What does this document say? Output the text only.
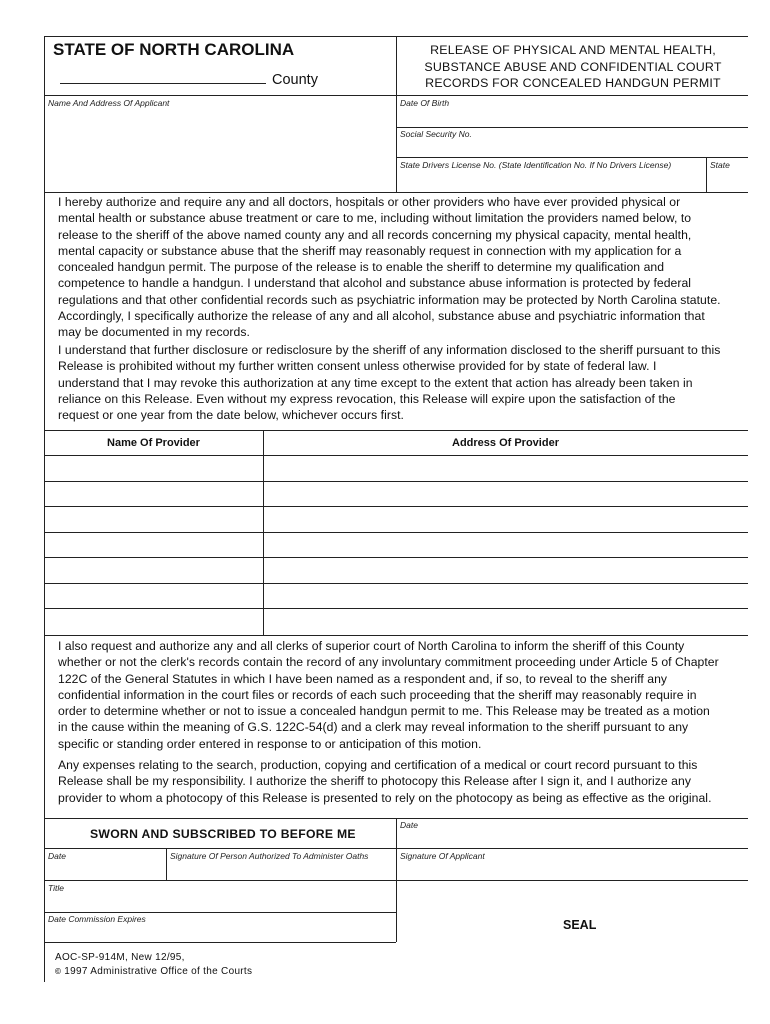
STATE OF NORTH CAROLINA
County
RELEASE OF PHYSICAL AND MENTAL HEALTH,
SUBSTANCE ABUSE AND CONFIDENTIAL COURT
RECORDS FOR CONCEALED HANDGUN PERMIT
Name And Address Of Applicant	Date Of Birth
Social Security No.
State Drivers License No. (State Identification No. If No Drivers License)	State
I hereby authorize and require any and all doctors, hospitals or other providers who have ever provided physical or
mental health or substance abuse treatment or care to me, including without limitation the providers named below, to
release to the sheriff of the above named county any and all records concerning my physical capacity, mental health,
mental capacity or substance abuse that the sheriff may reasonably request in connection with my application for a
concealed handgun permit. The purpose of the release is to enable the sheriff to determine my qualification and
competence to handle a handgun. I understand that alcohol and substance abuse information is protected by federal
regulations and that other confidential records such as psychiatric information may be protected by North Carolina statute.
Accordingly, I specifically authorize the release of any and all alcohol, substance abuse and psychiatric information that
may be documented in my records.
I understand that further disclosure or redisclosure by the sheriff of any information disclosed to the sheriff pursuant to this
Release is prohibited without my further written consent unless otherwise provided for by state of federal law. I
understand that I may revoke this authorization at any time except to the extent that action has already been taken in
reliance on this Release. Even without my express revocation, this Release will expire upon the satisfaction of the
request or one year from the date below, whichever occurs first.
Name Of Provider	Address Of Provider
I also request and authorize any and all clerks of superior court of North Carolina to inform the sheriff of this County
whether or not the clerk's records contain the record of any involuntary commitment proceeding under Article 5 of Chapter
122C of the General Statutes in which I have been named as a respondent and, if so, to reveal to the sheriff any
confidential information in the court files or records of each such proceeding that the sheriff may reasonably require in
order to determine whether or not to issue a concealed handgun permit to me. This Release may be treated as a motion
in the cause within the meaning of G.S. 122C-54(d) and a clerk may reveal information to the sheriff pursuant to any
specific or standing order entered in response to or anticipation of this motion.
Any expenses relating to the search, production, copying and certification of a medical or court record pursuant to this
Release shall be my responsibility. I authorize the sheriff to photocopy this Release after I sign it, and I authorize any
provider to whom a photocopy of this Release is presented to rely on the photocopy as being as effective as the original.
Date
SWORN AND SUBSCRIBED TO BEFORE ME
Date	Signature Of Person Authorized To Administer Oaths	Signature Of Applicant
Title
Date Commission Expires	SEAL
AOC-SP-914M, New 12/95,
© 1997 Administrative Office of the Courts
